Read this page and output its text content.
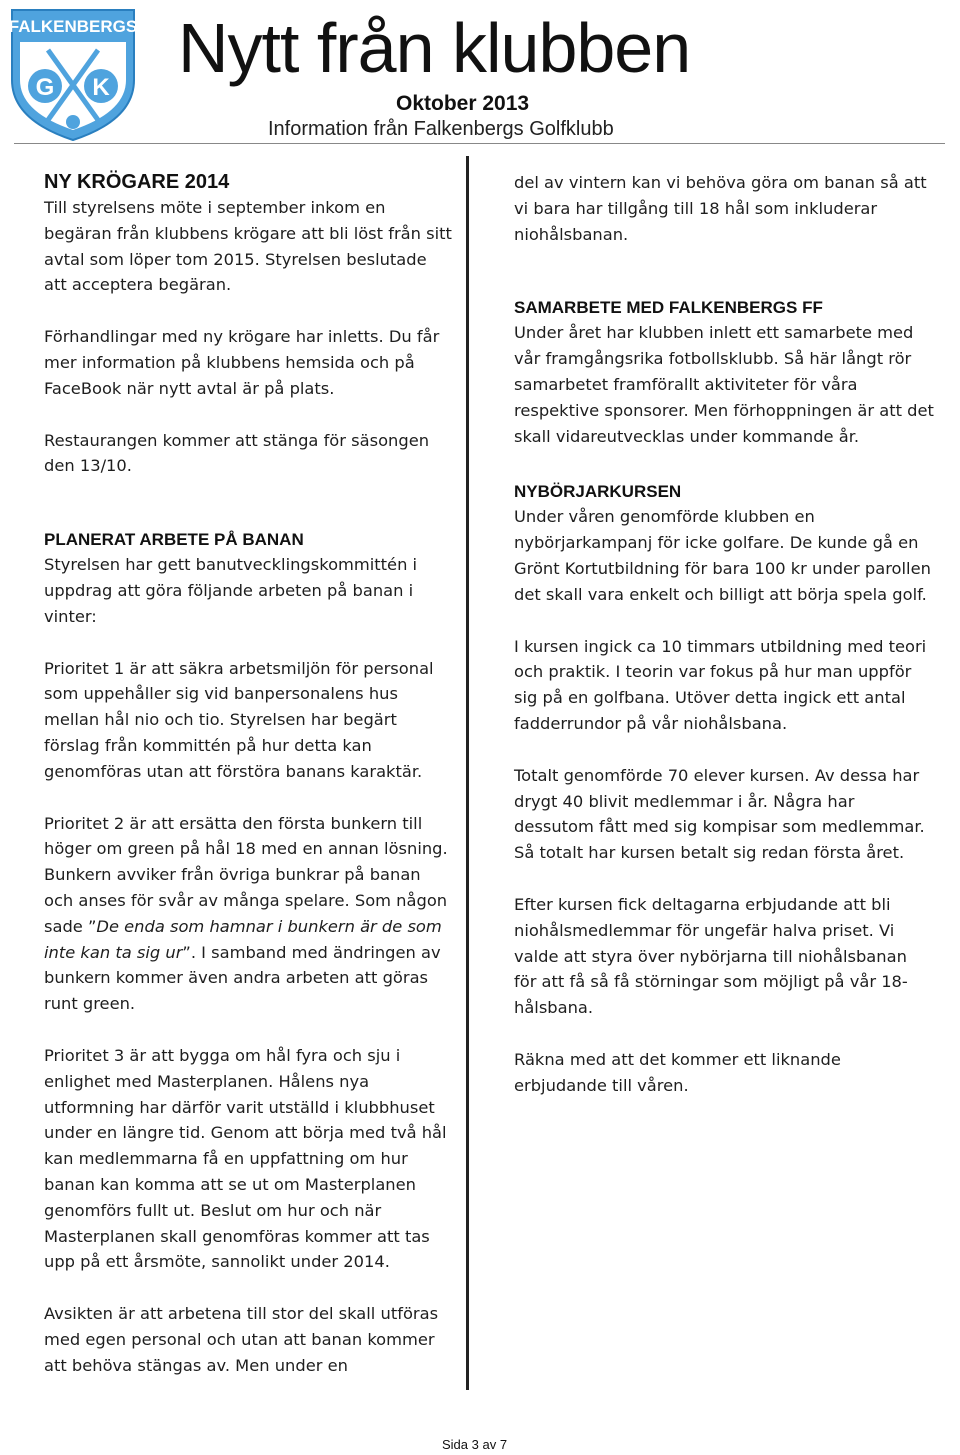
FALKENBERGS
G K
Nytt från klubben
Oktober 2013
Information från Falkenbergs Golfklubb
NY KRÖGARE 2014

Till styrelsens möte i september inkom en begäran från klubbens krögare att bli löst från sitt avtal som löper tom 2015. Styrelsen beslutade att acceptera begäran.

Förhandlingar med ny krögare har inletts. Du får mer information på klubbens hemsida och på FaceBook när nytt avtal är på plats.

Restaurangen kommer att stänga för säsongen den 13/10.

PLANERAT ARBETE PÅ BANAN

Styrelsen har gett banutvecklingskommittén i uppdrag att göra följande arbeten på banan i vinter:

Prioritet 1 är att säkra arbetsmiljön för personal som uppehåller sig vid banpersonalens hus mellan hål nio och tio. Styrelsen har begärt förslag från kommittén på hur detta kan genomföras utan att förstöra banans karaktär.

Prioritet 2 är att ersätta den första bunkern till höger om green på hål 18 med en annan lösning. Bunkern avviker från övriga bunkrar på banan och anses för svår av många spelare. Som någon sade ”De enda som hamnar i bunkern är de som inte kan ta sig ur”. I samband med ändringen av bunkern kommer även andra arbeten att göras runt green.

Prioritet 3 är att bygga om hål fyra och sju i enlighet med Masterplanen. Hålens nya utformning har därför varit utställd i klubbhuset under en längre tid. Genom att börja med två hål kan medlemmarna få en uppfattning om hur banan kan komma att se ut om Masterplanen genomförs fullt ut. Beslut om hur och när Masterplanen skall genomföras kommer att tas upp på ett årsmöte, sannolikt under 2014.

Avsikten är att arbetena till stor del skall utföras med egen personal och utan att banan kommer att behöva stängas av. Men under en

del av vintern kan vi behöva göra om banan så att vi bara har tillgång till 18 hål som inkluderar niohålsbanan.

SAMARBETE MED FALKENBERGS FF

Under året har klubben inlett ett samarbete med vår framgångsrika fotbollsklubb. Så här långt rör samarbetet framförallt aktiviteter för våra respektive sponsorer. Men förhoppningen är att det skall vidareutvecklas under kommande år.

NYBÖRJARKURSEN

Under våren genomförde klubben en nybörjarkampanj för icke golfare. De kunde gå en Grönt Kortutbildning för bara 100 kr under parollen det skall vara enkelt och billigt att börja spela golf.

I kursen ingick ca 10 timmars utbildning med teori och praktik. I teorin var fokus på hur man uppför sig på en golfbana. Utöver detta ingick ett antal fadderrundor på vår niohålsbana.

Totalt genomförde 70 elever kursen. Av dessa har drygt 40 blivit medlemmar i år. Några har dessutom fått med sig kompisar som medlemmar. Så totalt har kursen betalt sig redan första året.

Efter kursen fick deltagarna erbjudande att bli niohålsmedlemmar för ungefär halva priset. Vi valde att styra över nybörjarna till niohålsbanan för att få så få störningar som möjligt på vår 18-hålsbana.

Räkna med att det kommer ett liknande erbjudande till våren.

Sida 3 av 7
